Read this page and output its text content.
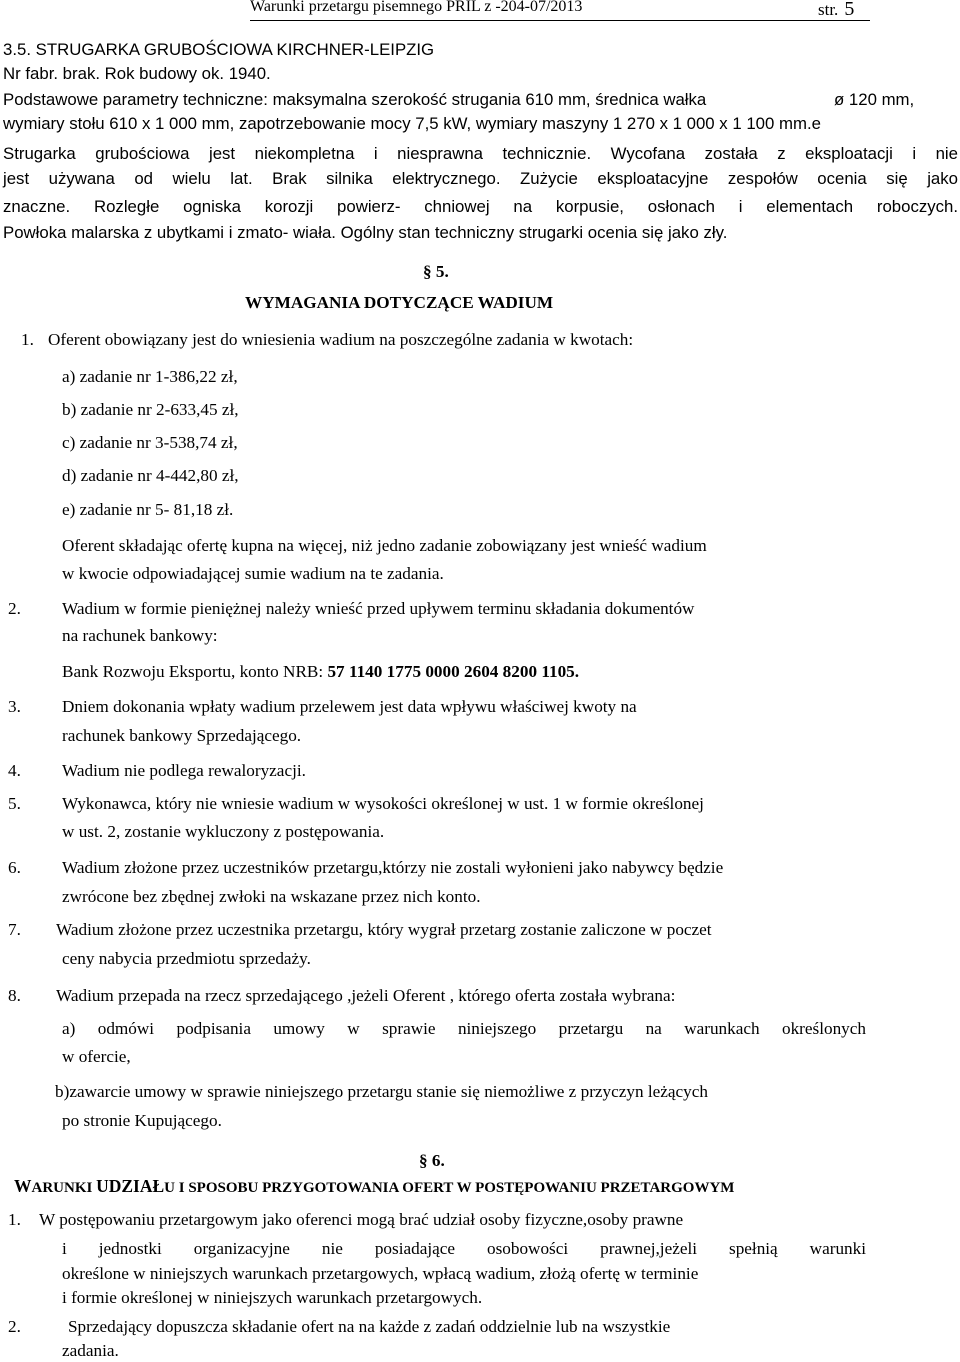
Warunki przetargu pisemnego PRIL z -204-07/2013	str. 5
3.5. STRUGARKA GRUBOŚCIOWA KIRCHNER-LEIPZIG
Nr fabr. brak. Rok budowy ok. 1940.
Podstawowe parametry techniczne: maksymalna szerokość strugania 610 mm, średnica wałka	ø 120 mm,
wymiary stołu 610 x 1 000 mm, zapotrzebowanie mocy 7,5 kW, wymiary maszyny 1 270 x 1 000 x 1 100 mm.e
Strugarka grubościowa jest niekompletna i niesprawna technicznie. Wycofana została z eksploatacji i nie
jest używana od wielu lat. Brak silnika elektrycznego. Zużycie eksploatacyjne zespołów ocenia się jako
znaczne. Rozległe ogniska korozji powierz- chniowej na korpusie, osłonach i elementach roboczych.
Powłoka malarska z ubytkami i zmato- wiała. Ogólny stan techniczny strugarki ocenia się jako zły.
§ 5.
WYMAGANIA DOTYCZĄCE WADIUM
1. Oferent obowiązany jest do wniesienia wadium na poszczególne zadania w kwotach:
a) zadanie nr 1-386,22 zł,
b) zadanie nr 2-633,45 zł,
c) zadanie nr 3-538,74 zł,
d) zadanie nr 4-442,80 zł,
e) zadanie nr 5- 81,18 zł.
Oferent składając ofertę kupna na więcej, niż jedno zadanie zobowiązany jest wnieść wadium
w kwocie odpowiadającej sumie wadium na te zadania.
2. Wadium w formie pieniężnej należy wnieść przed upływem terminu składania dokumentów
na rachunek bankowy:
Bank Rozwoju Eksportu, konto NRB: 57 1140 1775 0000 2604 8200 1105.
3. Dniem dokonania wpłaty wadium przelewem jest data wpływu właściwej kwoty na
rachunek bankowy Sprzedającego.
4. Wadium nie podlega rewaloryzacji.
5. Wykonawca, który nie wniesie wadium w wysokości określonej w ust. 1 w formie określonej
w ust. 2, zostanie wykluczony z postępowania.
6. Wadium złożone przez uczestników przetargu,którzy nie zostali wyłonieni jako nabywcy będzie
zwrócone bez zbędnej zwłoki na wskazane przez nich konto.
7. Wadium złożone przez uczestnika przetargu, który wygrał przetarg zostanie zaliczone w poczet
ceny nabycia przedmiotu sprzedaży.
8. Wadium przepada na rzecz sprzedającego ,jeżeli Oferent , którego oferta została wybrana:
a) odmówi podpisania umowy w sprawie niniejszego przetargu na warunkach określonych
w ofercie,
b)zawarcie umowy w sprawie niniejszego przetargu stanie się niemożliwe z przyczyn leżących
po stronie Kupującego.
§ 6.
WARUNKI UDZIAŁU I SPOSOBU PRZYGOTOWANIA OFERT W POSTĘPOWANIU PRZETARGOWYM
1. W postępowaniu przetargowym jako oferenci mogą brać udział osoby fizyczne,osoby prawne
i jednostki organizacyjne nie posiadające osobowości prawnej,jeżeli spełnią warunki
określone w niniejszych warunkach przetargowych, wpłacą wadium, złożą ofertę w terminie
i formie określonej w niniejszych warunkach przetargowych.
2.	Sprzedający dopuszcza składanie ofert na na każde z zadań oddzielnie lub na wszystkie
zadania.
